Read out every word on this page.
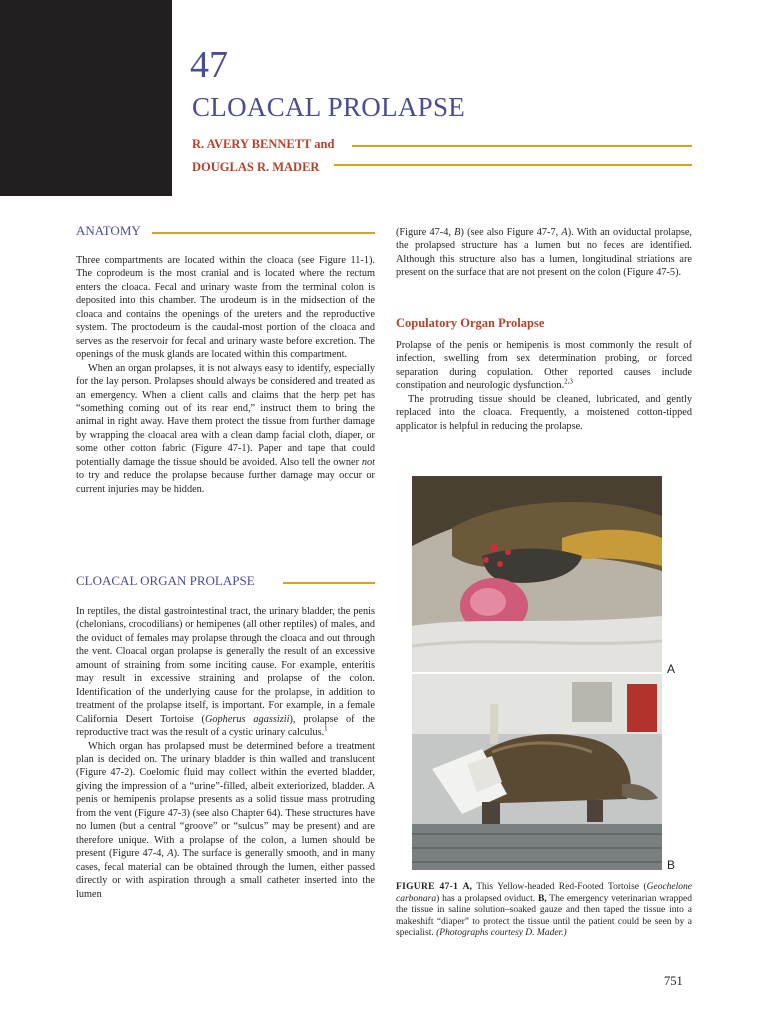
47
CLOACAL PROLAPSE
R. AVERY BENNETT and
DOUGLAS R. MADER
ANATOMY

Three compartments are located within the cloaca (see Figure 11-1). The coprodeum is the most cranial and is located where the rectum enters the cloaca. Fecal and urinary waste from the terminal colon is deposited into this chamber. The urodeum is in the midsection of the cloaca and contains the openings of the ureters and the reproductive system. The proctodeum is the caudal-most portion of the cloaca and serves as the reservoir for fecal and urinary waste before excretion. The openings of the musk glands are located within this compartment.

When an organ prolapses, it is not always easy to identify, especially for the lay person. Prolapses should always be considered and treated as an emergency. When a client calls and claims that the herp pet has “something coming out of its rear end,” instruct them to bring the animal in right away. Have them protect the tissue from further damage by wrapping the cloacal area with a clean damp facial cloth, diaper, or some other cotton fabric (Figure 47-1). Paper and tape that could potentially damage the tissue should be avoided. Also tell the owner not to try and reduce the prolapse because further damage may occur or current injuries may be hidden.

CLOACAL ORGAN PROLAPSE

In reptiles, the distal gastrointestinal tract, the urinary bladder, the penis (chelonians, crocodilians) or hemipenes (all other reptiles) of males, and the oviduct of females may prolapse through the cloaca and out through the vent. Cloacal organ prolapse is generally the result of an excessive amount of straining from some inciting cause. For example, enteritis may result in excessive straining and prolapse of the colon. Identification of the underlying cause for the prolapse, in addition to treatment of the prolapse itself, is important. For example, in a female California Desert Tortoise (Gopherus agassizii), prolapse of the reproductive tract was the result of a cystic urinary calculus.$^1$

Which organ has prolapsed must be determined before a treatment plan is decided on. The urinary bladder is thin walled and translucent (Figure 47-2). Coelomic fluid may collect within the everted bladder, giving the impression of a “urine”-filled, albeit exteriorized, bladder. A penis or hemipenis prolapse presents as a solid tissue mass protruding from the vent (Figure 47-3) (see also Chapter 64). These structures have no lumen (but a central “groove” or “sulcus” may be present) and are therefore unique. With a prolapse of the colon, a lumen should be present (Figure 47-4, A). The surface is generally smooth, and in many cases, fecal material can be obtained through the lumen, either passed directly or with aspiration through a small catheter inserted into the lumen

(Figure 47-4, B) (see also Figure 47-7, A). With an oviductal prolapse, the prolapsed structure has a lumen but no feces are identified. Although this structure also has a lumen, longitudinal striations are present on the surface that are not present on the colon (Figure 47-5).

Copulatory Organ Prolapse

Prolapse of the penis or hemipenis is most commonly the result of infection, swelling from sex determination probing, or forced separation during copulation. Other reported causes include constipation and neurologic dysfunction.$^{2,3}$

The protruding tissue should be cleaned, lubricated, and gently replaced into the cloaca. Frequently, a moistened cotton-tipped applicator is helpful in reducing the prolapse.

A
B
FIGURE 47-1 A, This Yellow-headed Red-Footed Tortoise (Geochelone carbonara) has a prolapsed oviduct. B, The emergency veterinarian wrapped the tissue in saline solution–soaked gauze and then taped the tissue into a makeshift “diaper” to protect the tissue until the patient could be seen by a specialist. (Photographs courtesy D. Mader.)
751
